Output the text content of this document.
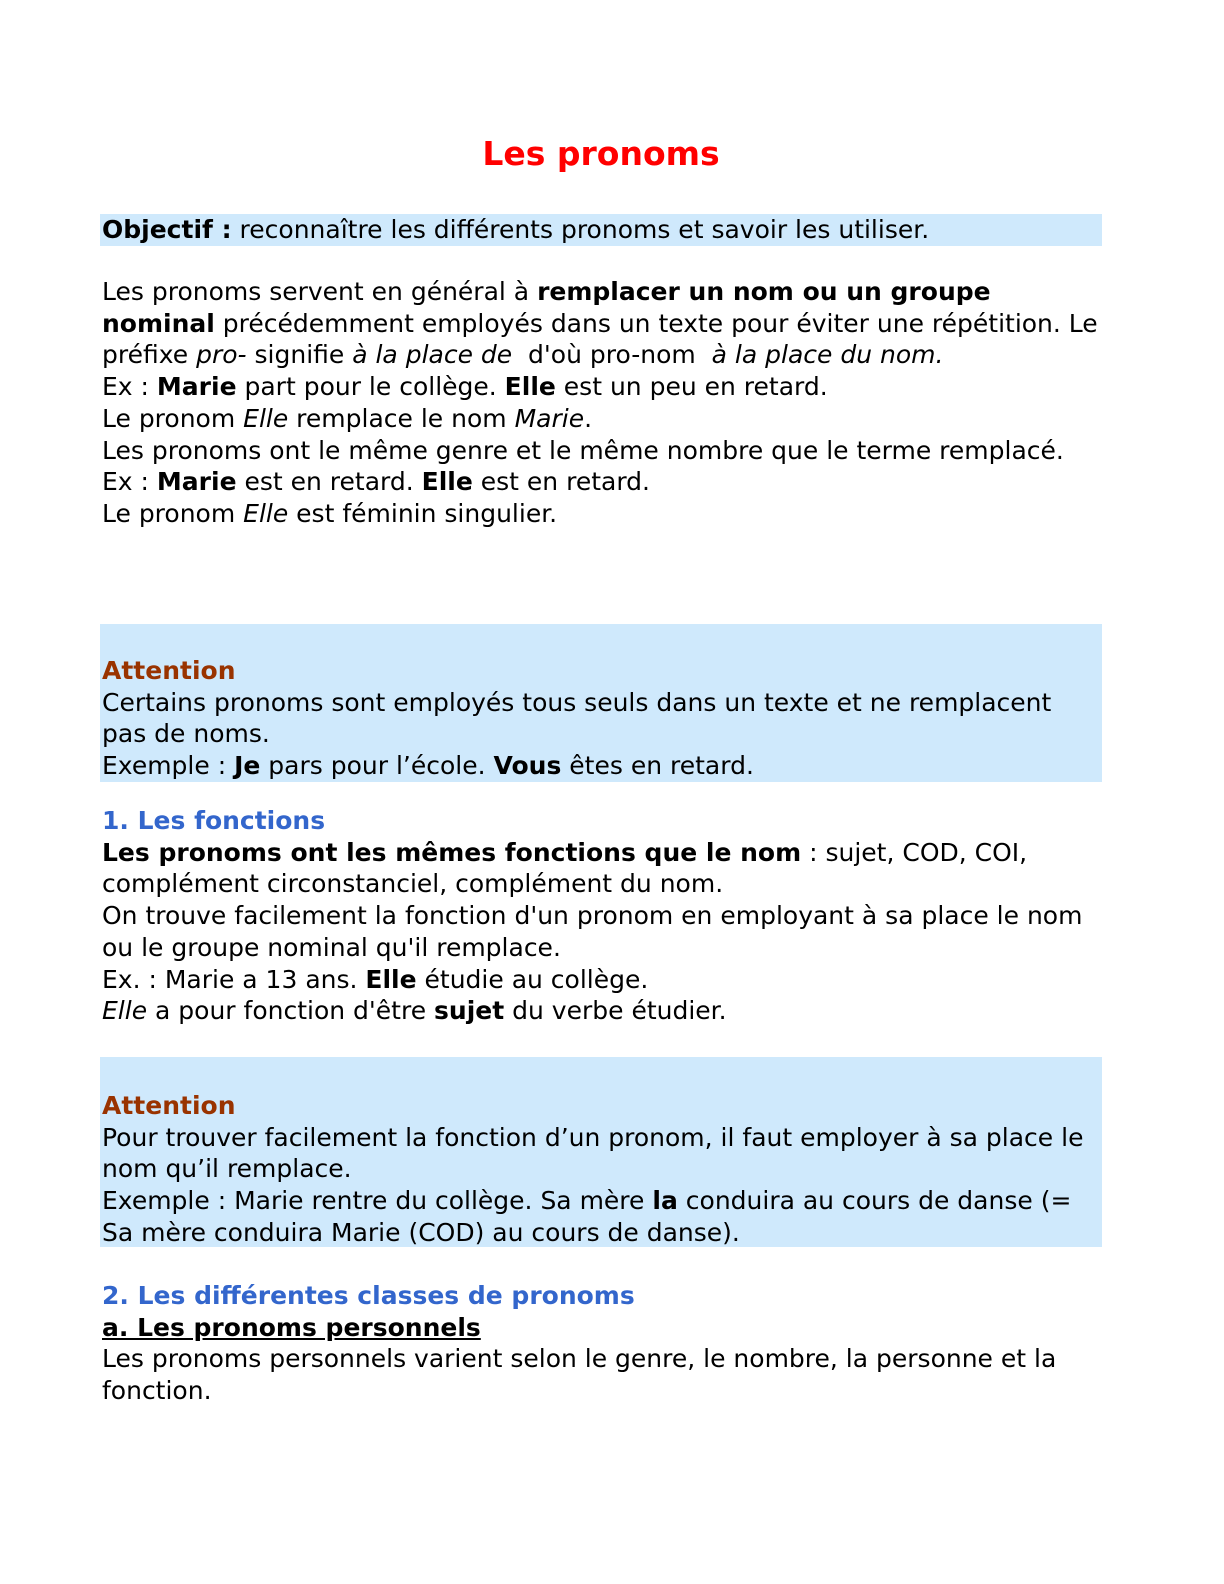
Les pronoms
Objectif : reconnaître les différents pronoms et savoir les utiliser.

Les pronoms servent en général à remplacer un nom ou un groupe nominal précédemment employés dans un texte pour éviter une répétition. Le préfixe pro- signifie à la place de  d'où pro-nom  à la place du nom.

Ex : Marie part pour le collège. Elle est un peu en retard.

Le pronom Elle remplace le nom Marie.

Les pronoms ont le même genre et le même nombre que le terme remplacé.

Ex : Marie est en retard. Elle est en retard.

Le pronom Elle est féminin singulier.

Attention

Certains pronoms sont employés tous seuls dans un texte et ne remplacent pas de noms.

Exemple : Je pars pour l’école. Vous êtes en retard.

1. Les fonctions

Les pronoms ont les mêmes fonctions que le nom : sujet, COD, COI, complément circonstanciel, complément du nom.

On trouve facilement la fonction d'un pronom en employant à sa place le nom ou le groupe nominal qu'il remplace.

Ex. : Marie a 13 ans. Elle étudie au collège.

Elle a pour fonction d'être sujet du verbe étudier.

Attention

Pour trouver facilement la fonction d’un pronom, il faut employer à sa place le nom qu’il remplace.

Exemple : Marie rentre du collège. Sa mère la conduira au cours de danse (= Sa mère conduira Marie (COD) au cours de danse).

2. Les différentes classes de pronoms

a. Les pronoms personnels

Les pronoms personnels varient selon le genre, le nombre, la personne et la fonction.
